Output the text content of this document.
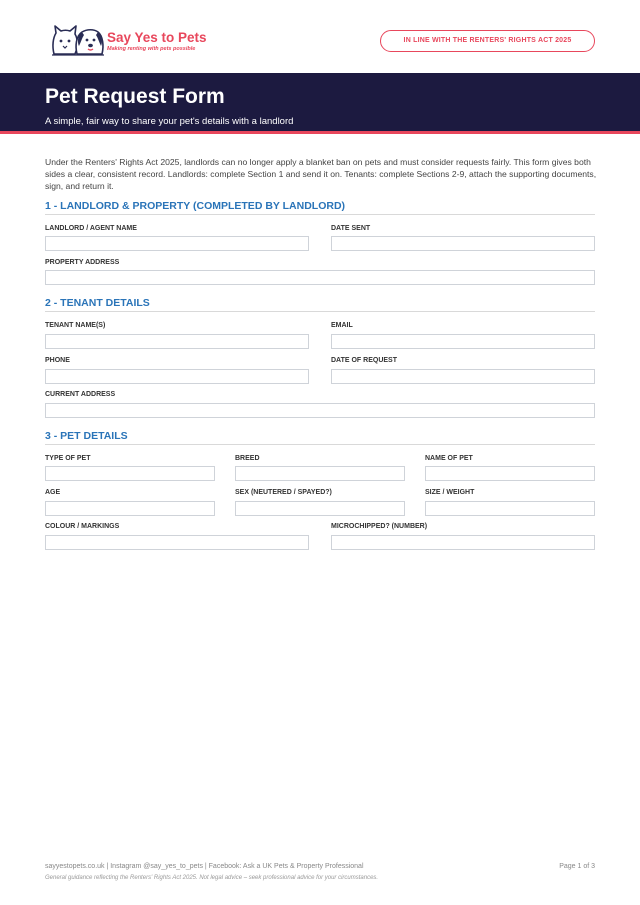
Say Yes to Pets
Making renting with pets possible
IN LINE WITH THE RENTERS' RIGHTS ACT 2025
Pet Request Form
A simple, fair way to share your pet's details with a landlord

Under the Renters' Rights Act 2025, landlords can no longer apply a blanket ban on pets and must consider requests fairly. This form gives both sides a clear, consistent record. Landlords: complete Section 1 and send it on. Tenants: complete Sections 2-9, attach the supporting documents, sign, and return it.

1 - LANDLORD & PROPERTY (COMPLETED BY LANDLORD)
LANDLORD / AGENT NAME	DATE SENT
PROPERTY ADDRESS
2 - TENANT DETAILS
TENANT NAME(S)	EMAIL
PHONE	DATE OF REQUEST
CURRENT ADDRESS
3 - PET DETAILS
TYPE OF PET	BREED	NAME OF PET
AGE	SEX (NEUTERED / SPAYED?)	SIZE / WEIGHT
COLOUR / MARKINGS	MICROCHIPPED? (NUMBER)
sayyestopets.co.uk | Instagram @say_yes_to_pets | Facebook: Ask a UK Pets & Property Professional	Page 1 of 3
General guidance reflecting the Renters' Rights Act 2025. Not legal advice – seek professional advice for your circumstances.
